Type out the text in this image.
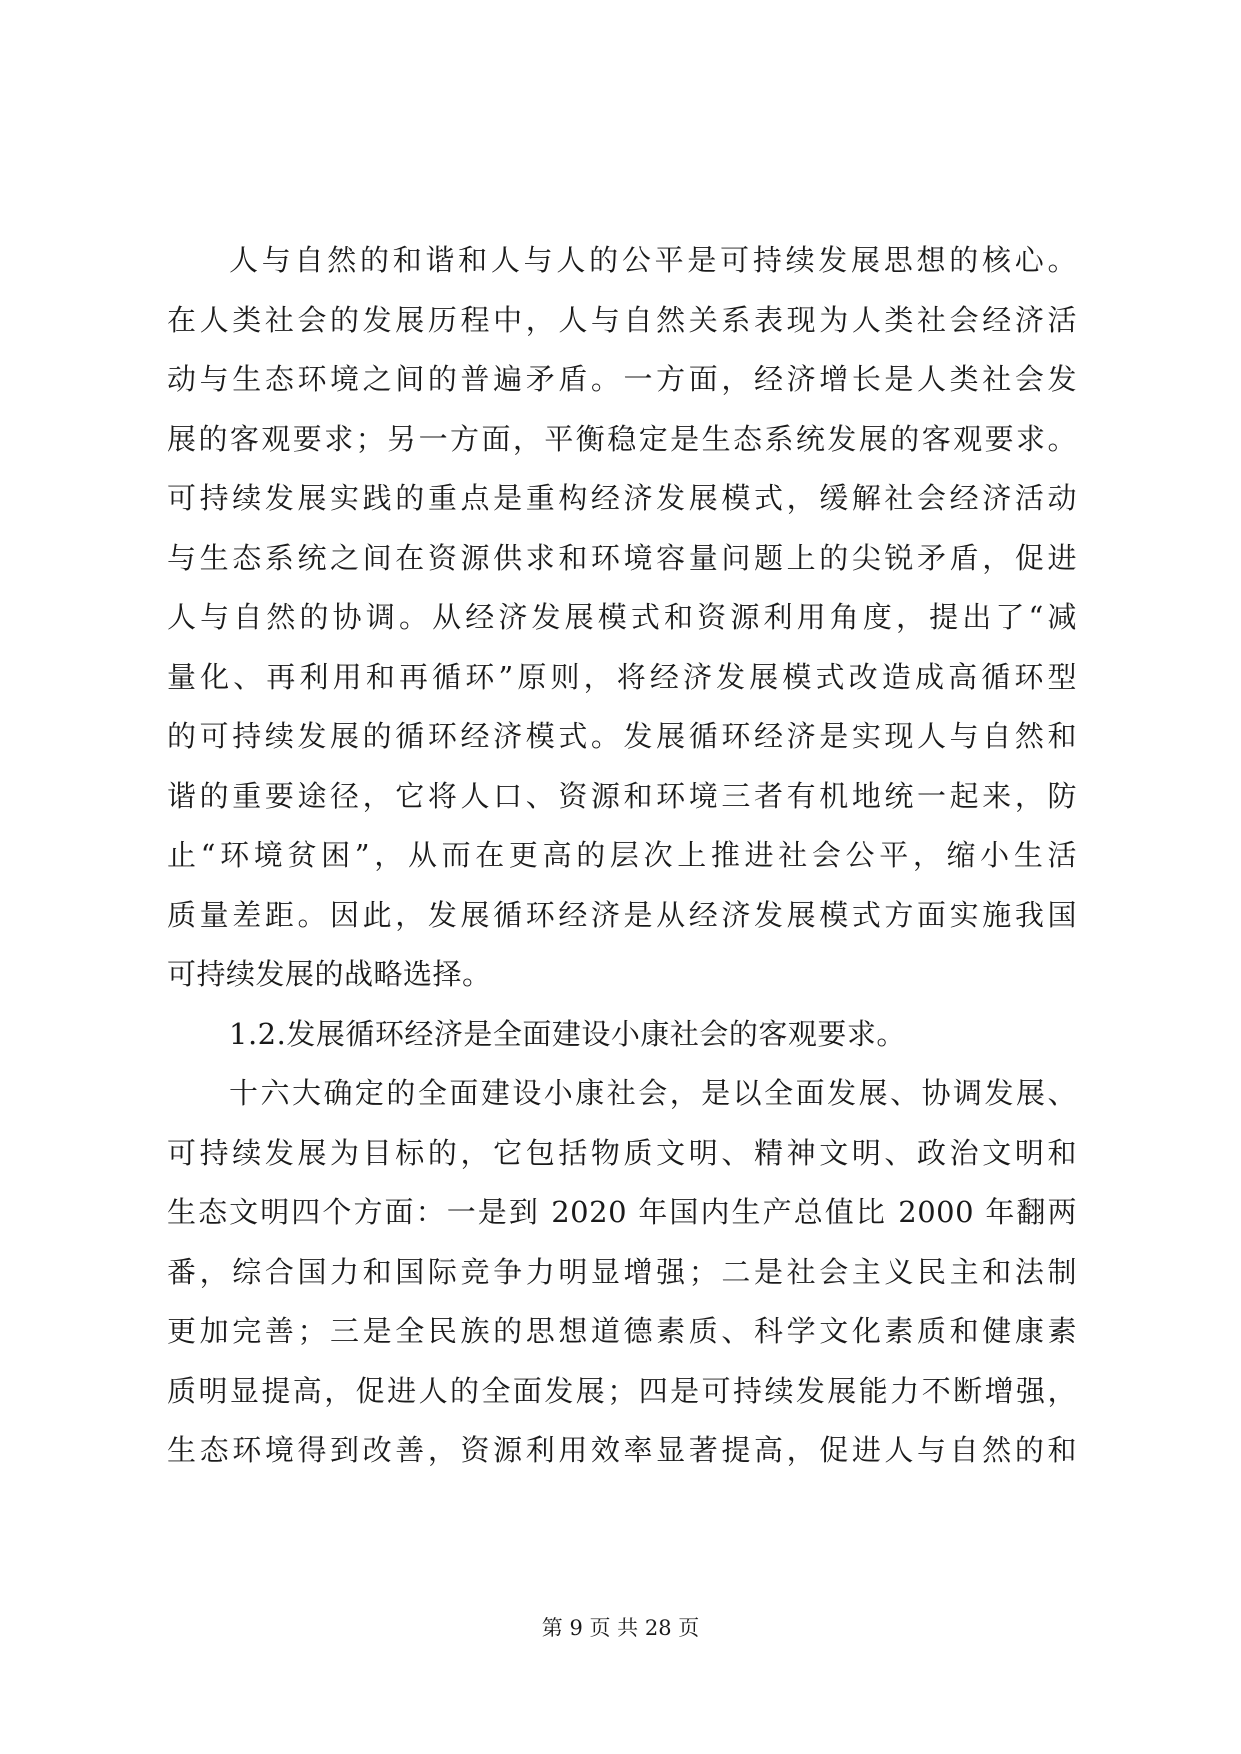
人与自然的和谐和人与人的公平是可持续发展思想的核心。
在人类社会的发展历程中，人与自然关系表现为人类社会经济活
动与生态环境之间的普遍矛盾。一方面，经济增长是人类社会发
展的客观要求；另一方面，平衡稳定是生态系统发展的客观要求。
可持续发展实践的重点是重构经济发展模式，缓解社会经济活动
与生态系统之间在资源供求和环境容量问题上的尖锐矛盾，促进
人与自然的协调。从经济发展模式和资源利用角度，提出了“减
量化、再利用和再循环”原则，将经济发展模式改造成高循环型
的可持续发展的循环经济模式。发展循环经济是实现人与自然和
谐的重要途径，它将人口、资源和环境三者有机地统一起来，防
止“环境贫困”，从而在更高的层次上推进社会公平，缩小生活
质量差距。因此，发展循环经济是从经济发展模式方面实施我国
可持续发展的战略选择。
1.2.发展循环经济是全面建设小康社会的客观要求。
十六大确定的全面建设小康社会，是以全面发展、协调发展、
可持续发展为目标的，它包括物质文明、精神文明、政治文明和
生态文明四个方面：一是到 2020 年国内生产总值比 2000 年翻两
番，综合国力和国际竞争力明显增强；二是社会主义民主和法制
更加完善；三是全民族的思想道德素质、科学文化素质和健康素
质明显提高，促进人的全面发展；四是可持续发展能力不断增强，
生态环境得到改善，资源利用效率显著提高，促进人与自然的和
第 9 页 共 28 页
